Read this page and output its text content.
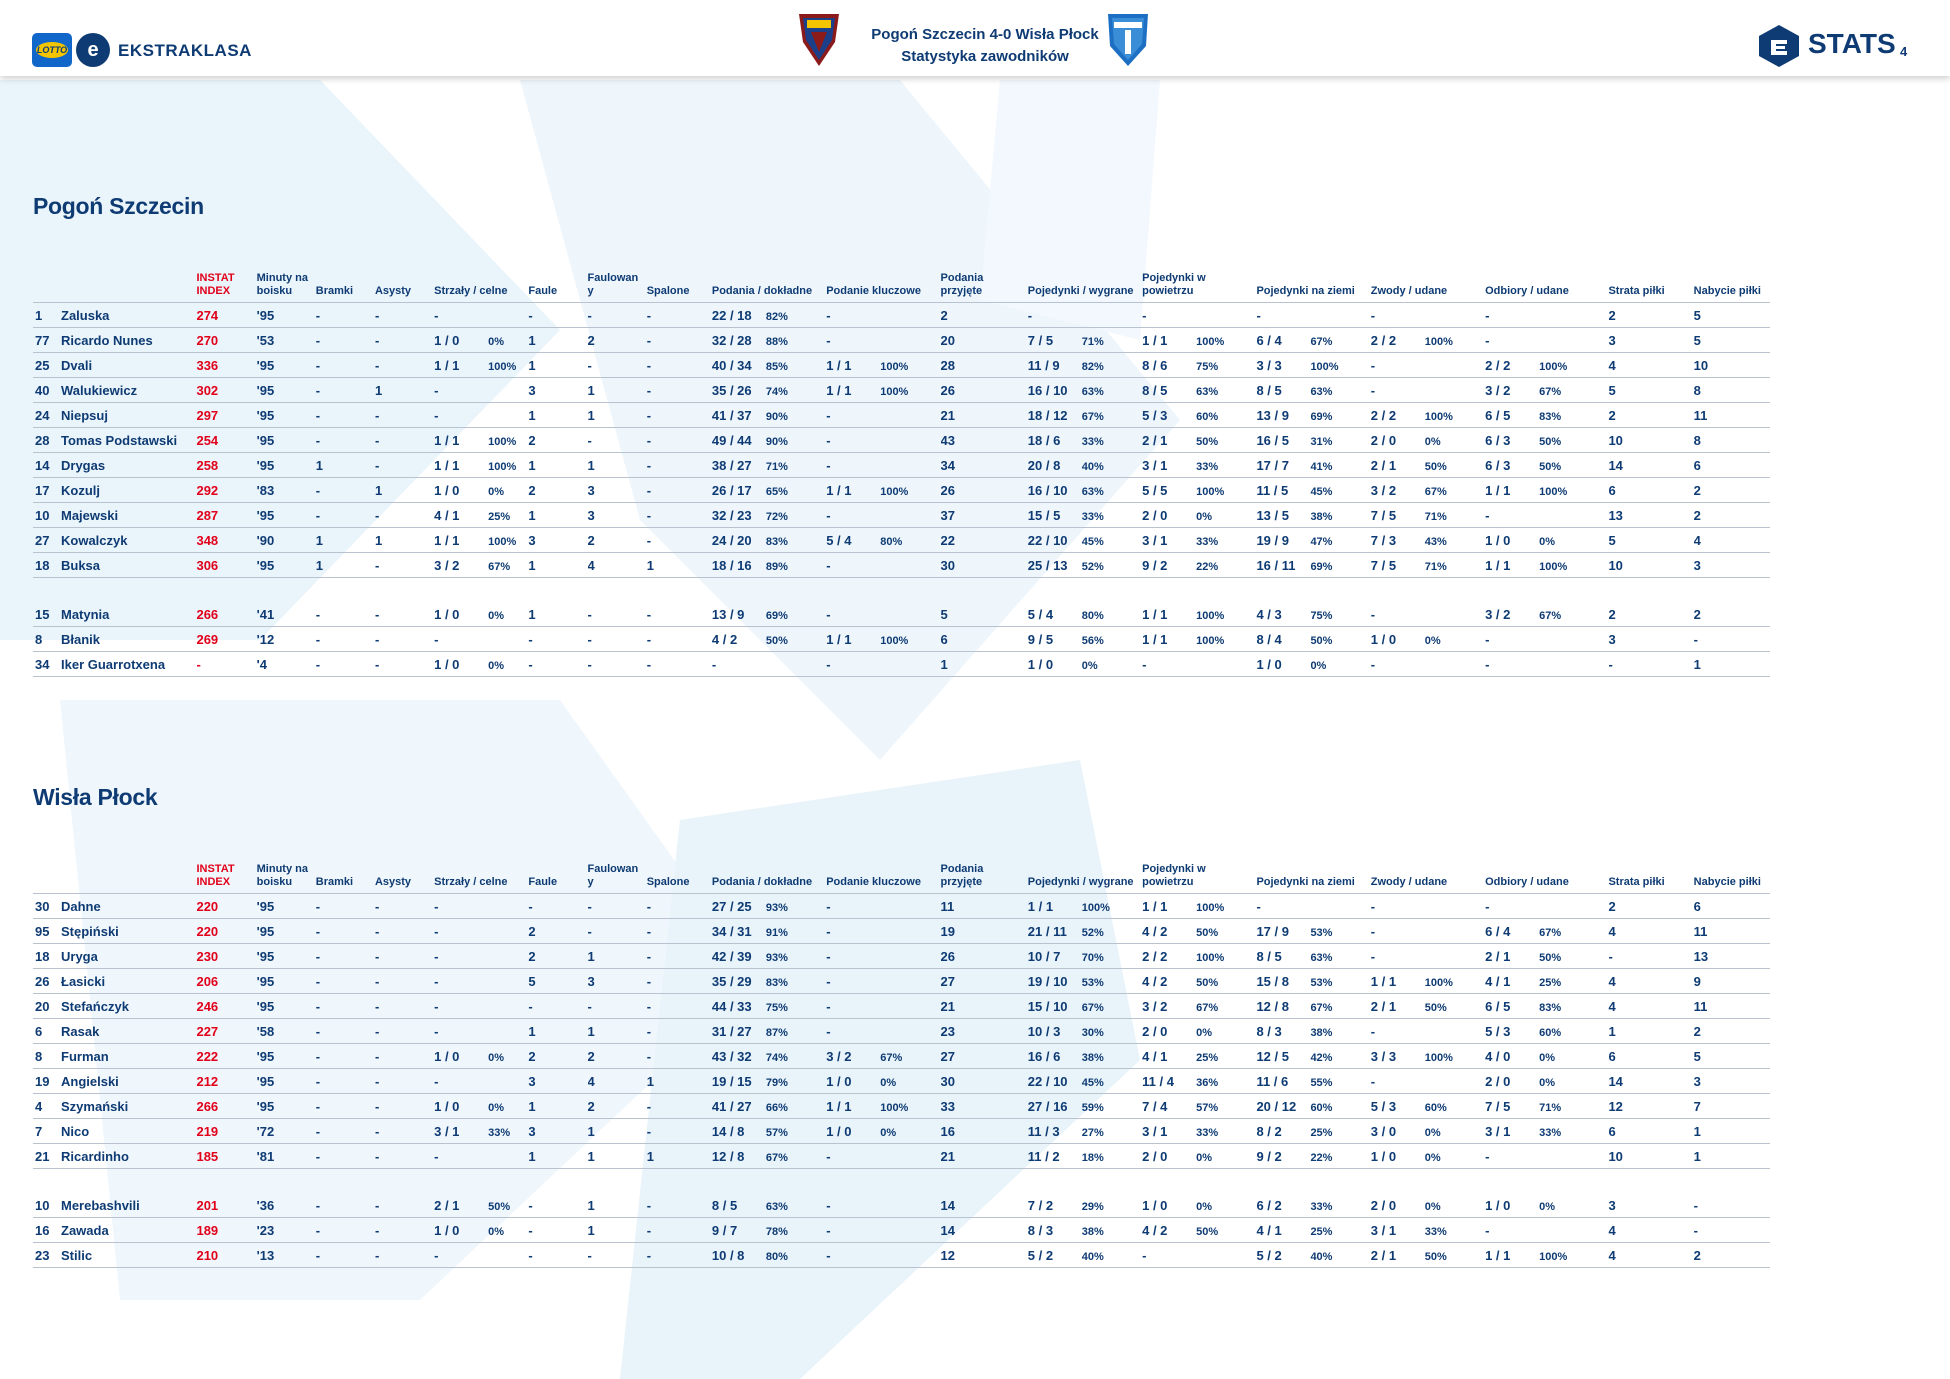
LOTTO	e	EKSTRAKLASA
Pogoń Szczecin 4-0 Wisła Płock
Statystyka zawodników	STATS 4
Pogoń Szczecin
	INSTAT INDEX	Minuty na boisku	Bramki	Asysty	Strzały / celne	Faule	Faulowan y	Spalone	Podania / dokładne	Podanie kluczowe	Podania przyjęte	Pojedynki / wygrane	Pojedynki w powietrzu	Pojedynki na ziemi	Zwody / udane	Odbiory / udane	Strata piłki	Nabycie piłki
1 Zaluska	274	'95	-	-	-	-	-	-	22 / 18 82%	-	2	-	-	-	-	-	2	5
77 Ricardo Nunes	270	'53	-	-	1 / 0 0%	1	2	-	32 / 28 88%	-	20	7 / 5 71%	1 / 1 100%	6 / 4 67%	2 / 2 100%	-	3	5
25 Dvali	336	'95	-	-	1 / 1 100%	1	-	-	40 / 34 85%	1 / 1 100%	28	11 / 9 82%	8 / 6 75%	3 / 3 100%	-	2 / 2 100%	4	10
40 Walukiewicz	302	'95	-	1	-	3	1	-	35 / 26 74%	1 / 1 100%	26	16 / 10 63%	8 / 5 63%	8 / 5 63%	-	3 / 2 67%	5	8
24 Niepsuj	297	'95	-	-	-	1	1	-	41 / 37 90%	-	21	18 / 12 67%	5 / 3 60%	13 / 9 69%	2 / 2 100%	6 / 5 83%	2	11
28 Tomas Podstawski	254	'95	-	-	1 / 1 100%	2	-	-	49 / 44 90%	-	43	18 / 6 33%	2 / 1 50%	16 / 5 31%	2 / 0 0%	6 / 3 50%	10	8
14 Drygas	258	'95	1	-	1 / 1 100%	1	1	-	38 / 27 71%	-	34	20 / 8 40%	3 / 1 33%	17 / 7 41%	2 / 1 50%	6 / 3 50%	14	6
17 Kozulj	292	'83	-	1	1 / 0 0%	2	3	-	26 / 17 65%	1 / 1 100%	26	16 / 10 63%	5 / 5 100%	11 / 5 45%	3 / 2 67%	1 / 1 100%	6	2
10 Majewski	287	'95	-	-	4 / 1 25%	1	3	-	32 / 23 72%	-	37	15 / 5 33%	2 / 0 0%	13 / 5 38%	7 / 5 71%	-	13	2
27 Kowalczyk	348	'90	1	1	1 / 1 100%	3	2	-	24 / 20 83%	5 / 4 80%	22	22 / 10 45%	3 / 1 33%	19 / 9 47%	7 / 3 43%	1 / 0 0%	5	4
18 Buksa	306	'95	1	-	3 / 2 67%	1	4	1	18 / 16 89%	-	30	25 / 13 52%	9 / 2 22%	16 / 11 69%	7 / 5 71%	1 / 1 100%	10	3

15 Matynia	266	'41	-	-	1 / 0 0%	1	-	-	13 / 9 69%	-	5	5 / 4 80%	1 / 1 100%	4 / 3 75%	-	3 / 2 67%	2	2
8 Błanik	269	'12	-	-	-	-	-	-	4 / 2 50%	1 / 1 100%	6	9 / 5 56%	1 / 1 100%	8 / 4 50%	1 / 0 0%	-	3	-
34 Iker Guarrotxena	-	'4	-	-	1 / 0 0%	-	-	-	-	-	1	1 / 0 0%	-	1 / 0 0%	-	-	-	1
Wisła Płock
	INSTAT INDEX	Minuty na boisku	Bramki	Asysty	Strzały / celne	Faule	Faulowan y	Spalone	Podania / dokładne	Podanie kluczowe	Podania przyjęte	Pojedynki / wygrane	Pojedynki w powietrzu	Pojedynki na ziemi	Zwody / udane	Odbiory / udane	Strata piłki	Nabycie piłki
30 Dahne	220	'95	-	-	-	-	-	-	27 / 25 93%	-	11	1 / 1 100%	1 / 1 100%	-	-	-	2	6
95 Stępiński	220	'95	-	-	-	2	-	-	34 / 31 91%	-	19	21 / 11 52%	4 / 2 50%	17 / 9 53%	-	6 / 4 67%	4	11
18 Uryga	230	'95	-	-	-	2	1	-	42 / 39 93%	-	26	10 / 7 70%	2 / 2 100%	8 / 5 63%	-	2 / 1 50%	-	13
26 Łasicki	206	'95	-	-	-	5	3	-	35 / 29 83%	-	27	19 / 10 53%	4 / 2 50%	15 / 8 53%	1 / 1 100%	4 / 1 25%	4	9
20 Stefańczyk	246	'95	-	-	-	-	-	-	44 / 33 75%	-	21	15 / 10 67%	3 / 2 67%	12 / 8 67%	2 / 1 50%	6 / 5 83%	4	11
6 Rasak	227	'58	-	-	-	1	1	-	31 / 27 87%	-	23	10 / 3 30%	2 / 0 0%	8 / 3 38%	-	5 / 3 60%	1	2
8 Furman	222	'95	-	-	1 / 0 0%	2	2	-	43 / 32 74%	3 / 2 67%	27	16 / 6 38%	4 / 1 25%	12 / 5 42%	3 / 3 100%	4 / 0 0%	6	5
19 Angielski	212	'95	-	-	-	3	4	1	19 / 15 79%	1 / 0 0%	30	22 / 10 45%	11 / 4 36%	11 / 6 55%	-	2 / 0 0%	14	3
4 Szymański	266	'95	-	-	1 / 0 0%	1	2	-	41 / 27 66%	1 / 1 100%	33	27 / 16 59%	7 / 4 57%	20 / 12 60%	5 / 3 60%	7 / 5 71%	12	7
7 Nico	219	'72	-	-	3 / 1 33%	3	1	-	14 / 8 57%	1 / 0 0%	16	11 / 3 27%	3 / 1 33%	8 / 2 25%	3 / 0 0%	3 / 1 33%	6	1
21 Ricardinho	185	'81	-	-	-	1	1	1	12 / 8 67%	-	21	11 / 2 18%	2 / 0 0%	9 / 2 22%	1 / 0 0%	-	10	1

10 Merebashvili	201	'36	-	-	2 / 1 50%	-	1	-	8 / 5 63%	-	14	7 / 2 29%	1 / 0 0%	6 / 2 33%	2 / 0 0%	1 / 0 0%	3	-
16 Zawada	189	'23	-	-	1 / 0 0%	-	1	-	9 / 7 78%	-	14	8 / 3 38%	4 / 2 50%	4 / 1 25%	3 / 1 33%	-	4	-
23 Stilic	210	'13	-	-	-	-	-	-	10 / 8 80%	-	12	5 / 2 40%	-	5 / 2 40%	2 / 1 50%	1 / 1 100%	4	2
